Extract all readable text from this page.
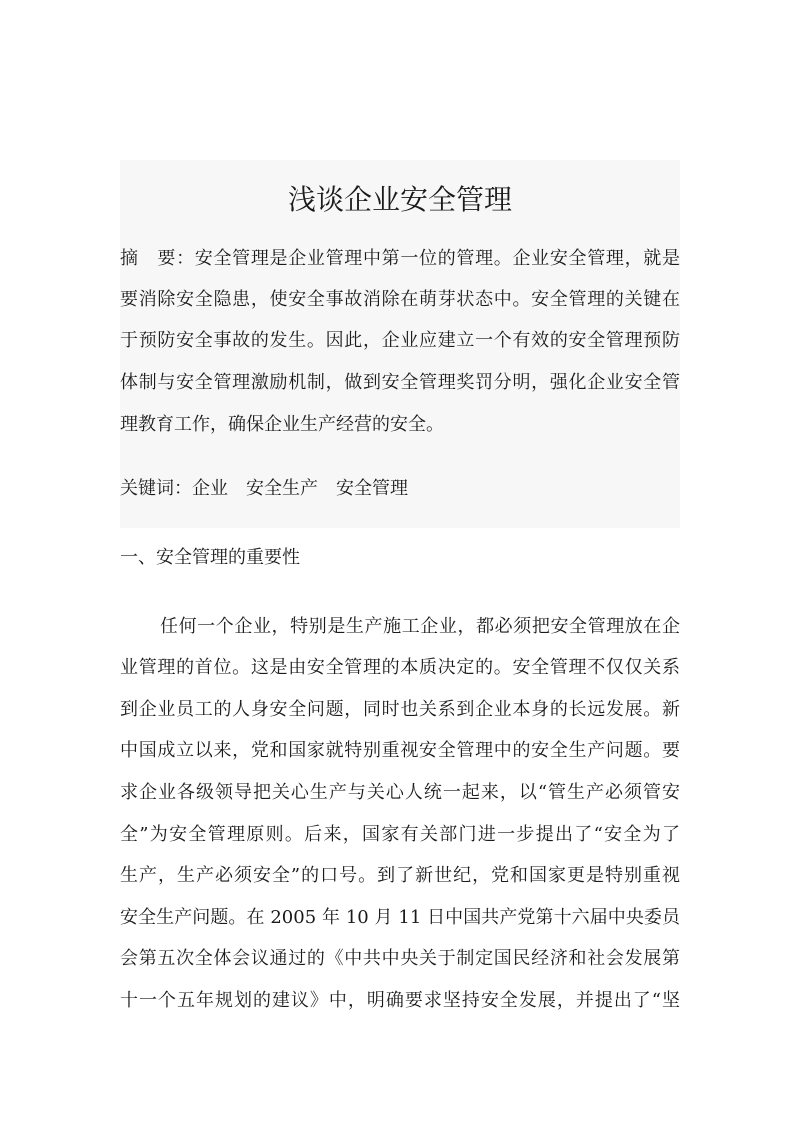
浅谈企业安全管理

摘　要：安全管理是企业管理中第一位的管理。企业安全管理，就是

要消除安全隐患，使安全事故消除在萌芽状态中。安全管理的关键在

于预防安全事故的发生。因此，企业应建立一个有效的安全管理预防

体制与安全管理激励机制，做到安全管理奖罚分明，强化企业安全管

理教育工作，确保企业生产经营的安全。

关键词：企业 安全生产 安全管理

一、安全管理的重要性

任何一个企业，特别是生产施工企业，都必须把安全管理放在企

业管理的首位。这是由安全管理的本质决定的。安全管理不仅仅关系

到企业员工的人身安全问题，同时也关系到企业本身的长远发展。新

中国成立以来，党和国家就特别重视安全管理中的安全生产问题。要

求企业各级领导把关心生产与关心人统一起来，以“管生产必须管安

全”为安全管理原则。后来，国家有关部门进一步提出了“安全为了

生产，生产必须安全”的口号。到了新世纪，党和国家更是特别重视

安全生产问题。在 2005 年 10 月 11 日中国共产党第十六届中央委员

会第五次全体会议通过的《中共中央关于制定国民经济和社会发展第

十一个五年规划的建议》中，明确要求坚持安全发展，并提出了“坚
